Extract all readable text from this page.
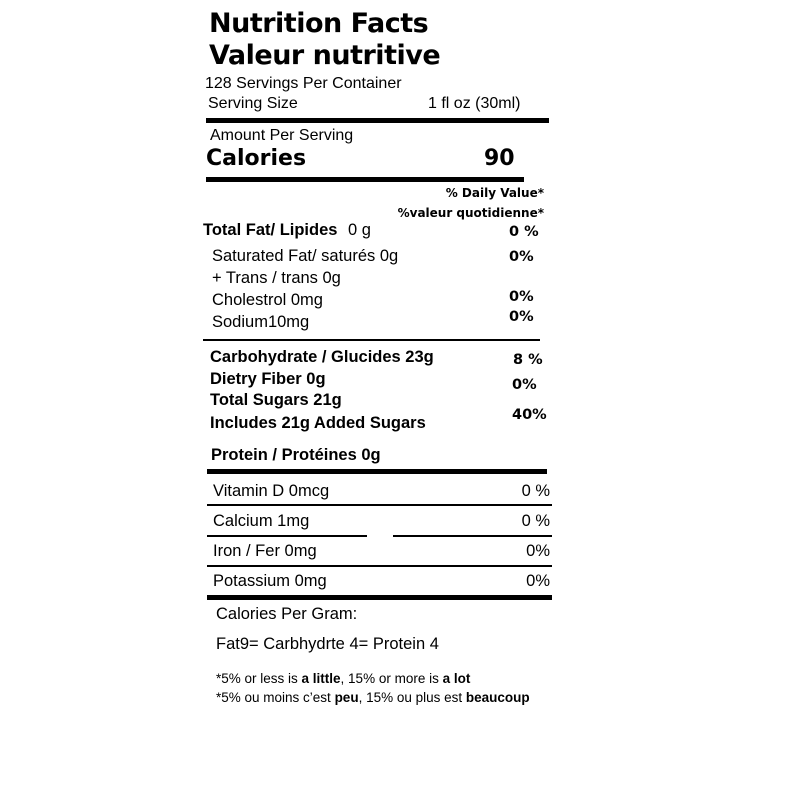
Nutrition Facts
Valeur nutritive
128 Servings Per Container
Serving Size	1 fl oz (30ml)
Amount Per Serving
Calories	90
% Daily Value*
%valeur quotidienne*
Total Fat/ Lipides 0 g	0 %
Saturated Fat/ saturés 0g	0%
+ Trans / trans 0g
Cholestrol 0mg	0%
Sodium10mg	0%
Carbohydrate / Glucides 23g	8 %
Dietry Fiber 0g	0%
Total Sugars 21g
Includes 21g Added Sugars	40%
Protein / Protéines 0g
Vitamin D 0mcg	0 %
Calcium 1mg	0 %
Iron / Fer 0mg	0%
Potassium 0mg	0%
Calories Per Gram:
Fat9= Carbhydrte 4= Protein 4
*5% or less is a little, 15% or more is a lot
*5% ou moins c’est peu, 15% ou plus est beaucoup
